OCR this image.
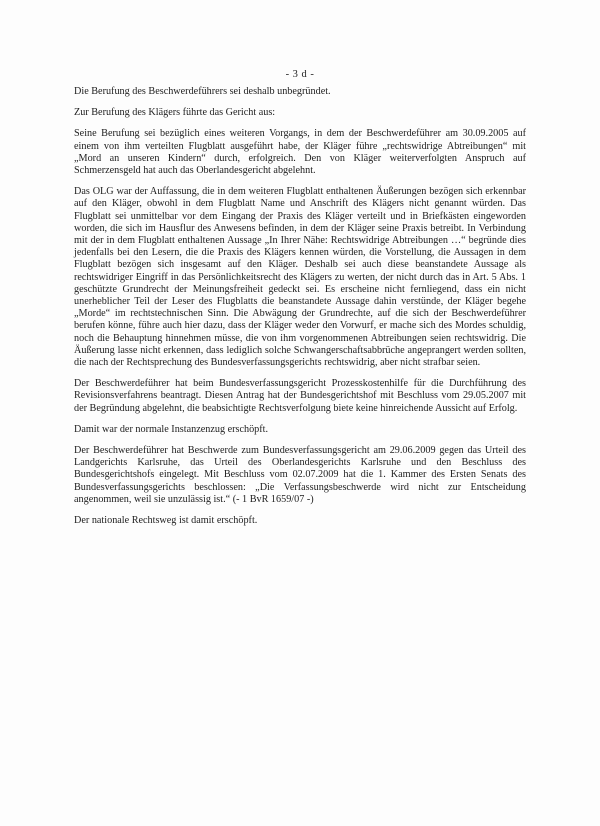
- 3 d -

Die Berufung des Beschwerdeführers sei deshalb unbegründet.

Zur Berufung des Klägers führte das Gericht aus:

Seine Berufung sei bezüglich eines weiteren Vorgangs, in dem der Beschwerdeführer am 30.09.2005 auf einem von ihm verteilten Flugblatt ausgeführt habe, der Kläger führe „rechtswidrige Abtreibungen“ mit „Mord an unseren Kindern“ durch, erfolgreich. Den von Kläger weiterverfolgten Anspruch auf Schmerzensgeld hat auch das Oberlandesgericht abgelehnt.

Das OLG war der Auffassung, die in dem weiteren Flugblatt enthaltenen Äußerungen bezögen sich erkennbar auf den Kläger, obwohl in dem Flugblatt Name und Anschrift des Klägers nicht genannt würden. Das Flugblatt sei unmittelbar vor dem Eingang der Praxis des Kläger verteilt und in Briefkästen eingeworden worden, die sich im Hausflur des Anwesens befinden, in dem der Kläger seine Praxis betreibt. In Verbindung mit der in dem Flugblatt enthaltenen Aussage „In Ihrer Nähe: Rechtswidrige Abtreibungen …“ begründe dies jedenfalls bei den Lesern, die die Praxis des Klägers kennen würden, die Vorstellung, die Aussagen in dem Flugblatt bezögen sich insgesamt auf den Kläger. Deshalb sei auch diese beanstandete Aussage als rechtswidriger Eingriff in das Persönlichkeitsrecht des Klägers zu werten, der nicht durch das in Art. 5 Abs. 1 geschützte Grundrecht der Meinungsfreiheit gedeckt sei. Es erscheine nicht fernliegend, dass ein nicht unerheblicher Teil der Leser des Flugblatts die beanstandete Aussage dahin verstünde, der Kläger begehe „Morde“ im rechtstechnischen Sinn. Die Abwägung der Grundrechte, auf die sich der Beschwerdeführer berufen könne, führe auch hier dazu, dass der Kläger weder den Vorwurf, er mache sich des Mordes schuldig, noch die Behauptung hinnehmen müsse, die von ihm vorgenommenen Abtreibungen seien rechtswidrig. Die Äußerung lasse nicht erkennen, dass lediglich solche Schwangerschaftsabbrüche angeprangert werden sollten, die nach der Rechtsprechung des Bundesverfassungsgerichts rechtswidrig, aber nicht strafbar seien.

Der Beschwerdeführer hat beim Bundesverfassungsgericht Prozesskostenhilfe für die Durchführung des Revisionsverfahrens beantragt. Diesen Antrag hat der Bundesgerichtshof mit Beschluss vom 29.05.2007 mit der Begründung abgelehnt, die beabsichtigte Rechtsverfolgung biete keine hinreichende Aussicht auf Erfolg.

Damit war der normale Instanzenzug erschöpft.

Der Beschwerdeführer hat Beschwerde zum Bundesverfassungsgericht am 29.06.2009 gegen das Urteil des Landgerichts Karlsruhe, das Urteil des Oberlandesgerichts Karlsruhe und den Beschluss des Bundesgerichtshofs eingelegt. Mit Beschluss vom 02.07.2009 hat die 1. Kammer des Ersten Senats des Bundesverfassungsgerichts beschlossen: „Die Verfassungsbeschwerde wird nicht zur Entscheidung angenommen, weil sie unzulässig ist.“ (- 1 BvR 1659/07 -)

Der nationale Rechtsweg ist damit erschöpft.
